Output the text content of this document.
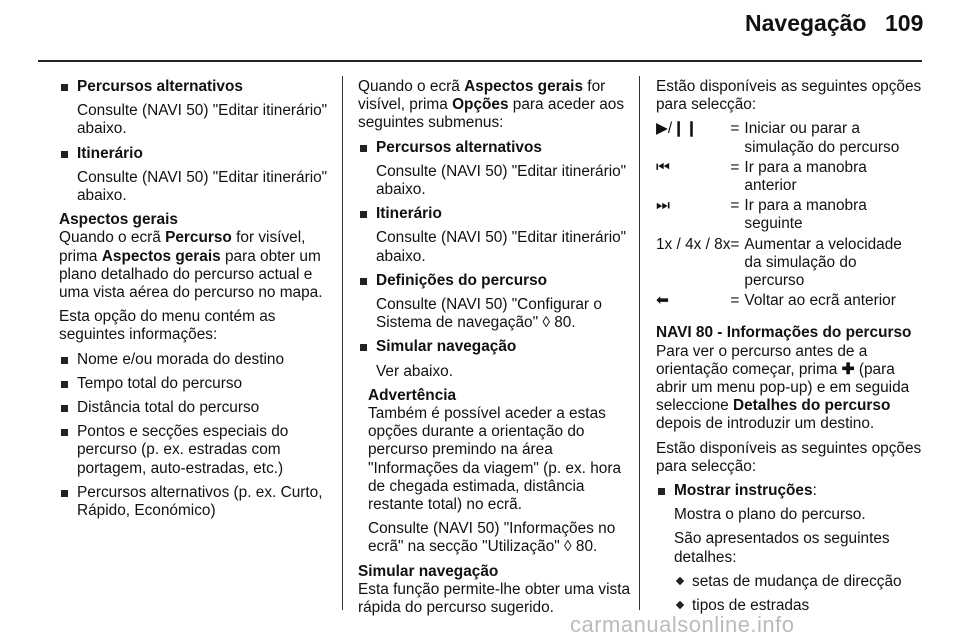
Navegação 109
Percursos alternativos
Consulte (NAVI 50) "Editar itinerário" abaixo.
Itinerário
Consulte (NAVI 50) "Editar itinerário" abaixo.
Aspectos gerais

Quando o ecrã Percurso for visível, prima Aspectos gerais para obter um plano detalhado do percurso actual e uma vista aérea do percurso no mapa.

Esta opção do menu contém as seguintes informações:

Nome e/ou morada do destino
Tempo total do percurso
Distância total do percurso
Pontos e secções especiais do percurso (p. ex. estradas com portagem, auto-estradas, etc.)
Percursos alternativos (p. ex. Curto, Rápido, Económico)

Quando o ecrã Aspectos gerais for visível, prima Opções para aceder aos seguintes submenus:

Percursos alternativos
Consulte (NAVI 50) "Editar itinerário" abaixo.
Itinerário
Consulte (NAVI 50) "Editar itinerário" abaixo.
Definições do percurso
Consulte (NAVI 50) "Configurar o Sistema de navegação" ◊ 80.
Simular navegação
Ver abaixo.
Advertência

Também é possível aceder a estas opções durante a orientação do percurso premindo na área "Informações da viagem" (p. ex. hora de chegada estimada, distância restante total) no ecrã.

Consulte (NAVI 50) "Informações no ecrã" na secção "Utilização" ◊ 80.

Simular navegação

Esta função permite-lhe obter uma vista rápida do percurso sugerido.

Estão disponíveis as seguintes opções para selecção:

▶/❙❙	=	Iniciar ou parar a simulação do percurso
⏮	=	Ir para a manobra anterior
⏭	=	Ir para a manobra seguinte
1x / 4x / 8x	=	Aumentar a velocidade da simulação do percurso
⬅	=	Voltar ao ecrã anterior
NAVI 80 - Informações do percurso

Para ver o percurso antes de a orientação começar, prima ✚ (para abrir um menu pop-up) e em seguida seleccione Detalhes do percurso depois de introduzir um destino.

Estão disponíveis as seguintes opções para selecção:

Mostrar instruções:
Mostra o plano do percurso.
São apresentados os seguintes detalhes:
setas de mudança de direcção
tipos de estradas
carmanualsonline.info
